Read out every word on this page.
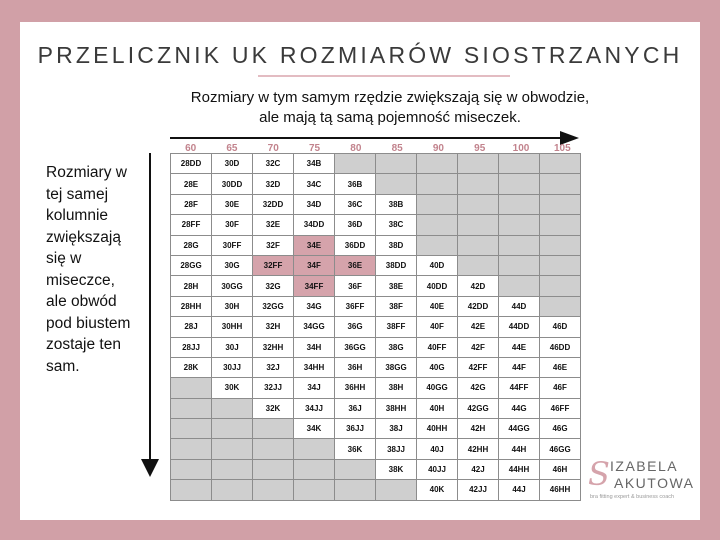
PRZELICZNIK UK ROZMIARÓW SIOSTRZANYCH
Rozmiary w tym samym rzędzie zwiększają się w obwodzie, ale mają tą samą pojemność miseczek.
Rozmiary w tej samej kolumnie zwiększają się w miseczce, ale obwód pod biustem zostaje ten sam.
60	65	70	75	80	85	90	95	100	105
28DD	30D	32C	34B						
28E	30DD	32D	34C	36B					
28F	30E	32DD	34D	36C	38B				
28FF	30F	32E	34DD	36D	38C				
28G	30FF	32F	34E	36DD	38D				
28GG	30G	32FF	34F	36E	38DD	40D			
28H	30GG	32G	34FF	36F	38E	40DD	42D		
28HH	30H	32GG	34G	36FF	38F	40E	42DD	44D	
28J	30HH	32H	34GG	36G	38FF	40F	42E	44DD	46D
28JJ	30J	32HH	34H	36GG	38G	40FF	42F	44E	46DD
28K	30JJ	32J	34HH	36H	38GG	40G	42FF	44F	46E
	30K	32JJ	34J	36HH	38H	40GG	42G	44FF	46F
		32K	34JJ	36J	38HH	40H	42GG	44G	46FF
			34K	36JJ	38J	40HH	42H	44GG	46G
				36K	38JJ	40J	42HH	44H	46GG
					38K	40JJ	42J	44HH	46H
						40K	42JJ	44J	46HH S IZABELA
AKUTOWA
bra fitting expert & business coach
